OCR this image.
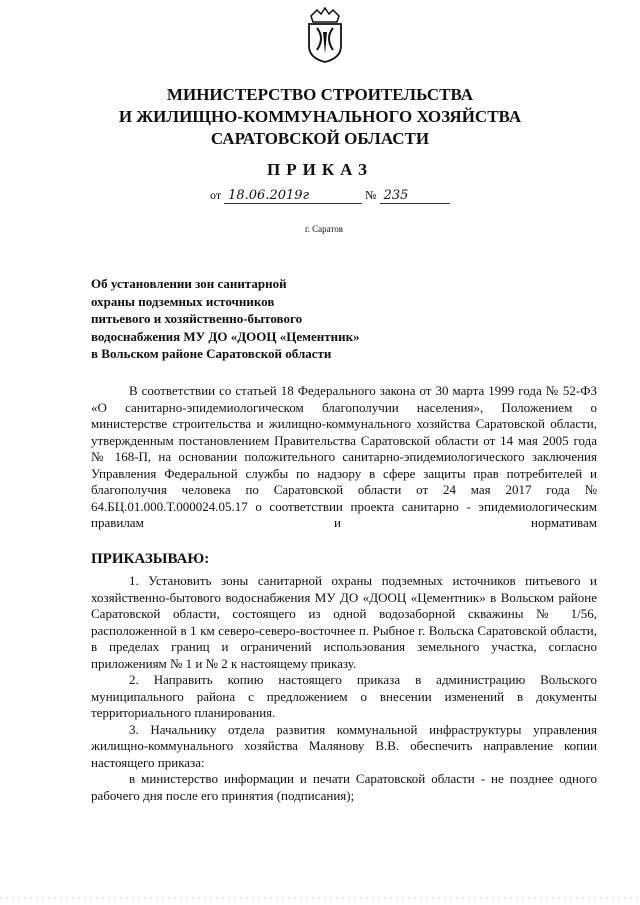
МИНИСТЕРСТВО СТРОИТЕЛЬСТВА
И ЖИЛИЩНО-КОММУНАЛЬНОГО ХОЗЯЙСТВА
САРАТОВСКОЙ ОБЛАСТИ
ПРИКАЗ
от 18.06.2019г	№ 235
г. Саратов
Об установлении зон санитарной
охраны подземных источников
питьевого и хозяйственно-бытового
водоснабжения МУ ДО «ДООЦ «Цементник»
в Вольском районе Саратовской области

В соответствии со статьей 18 Федерального закона от 30 марта 1999 года № 52-ФЗ «О санитарно-эпидемиологическом благополучии населения», Положением о министерстве строительства и жилищно-коммунального хозяйства Саратовской области, утвержденным постановлением Правительства Саратовской области от 14 мая 2005 года № 168-П, на основании положительного санитарно-эпидемиологического заключения Управления Федеральной службы по надзору в сфере защиты прав потребителей и благополучия человека по Саратовской области от 24 мая 2017 года № 64.БЦ.01.000.Т.000024.05.17 о соответствии проекта санитарно - эпидемиологическим правилам и нормативам

ПРИКАЗЫВАЮ:

1. Установить зоны санитарной охраны подземных источников питьевого и хозяйственно-бытового водоснабжения МУ ДО «ДООЦ «Цементник» в Вольском районе Саратовской области, состоящего из одной водозаборной скважины № 1/56, расположенной в 1 км северо-северо-восточнее п. Рыбное г. Вольска Саратовской области, в пределах границ и ограничений использования земельного участка, согласно приложениям № 1 и № 2 к настоящему приказу.

2. Направить копию настоящего приказа в администрацию Вольского муниципального района с предложением о внесении изменений в документы территориального планирования.

3. Начальнику отдела развития коммунальной инфраструктуры управления жилищно-коммунального хозяйства Малянову В.В. обеспечить направление копии настоящего приказа:

в министерство информации и печати Саратовской области - не позднее одного рабочего дня после его принятия (подписания);
